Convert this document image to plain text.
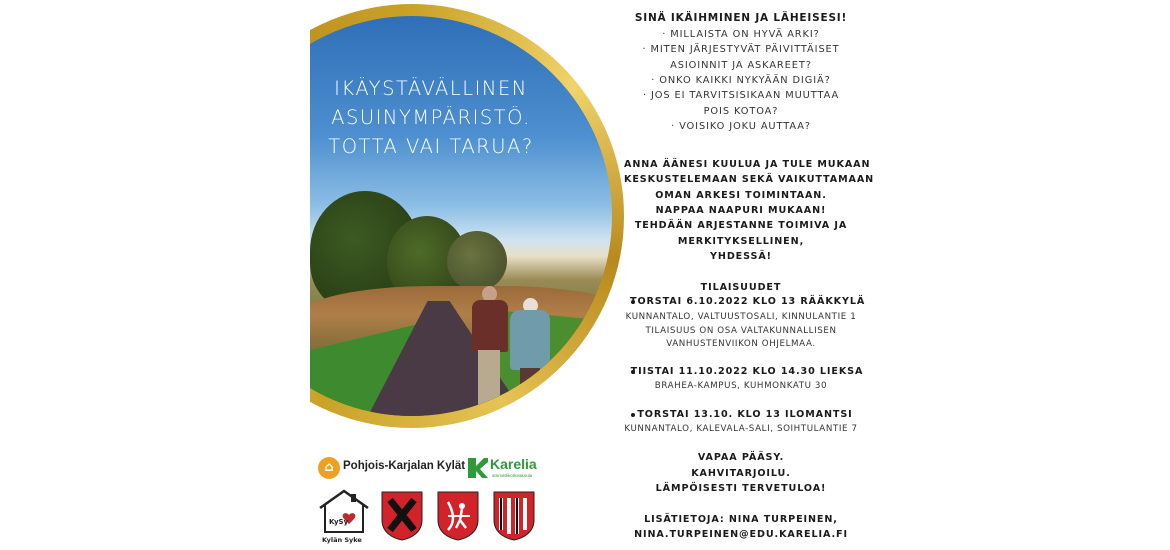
IKÄYSTÄVÄLLINEN
ASUINYMPÄRISTÖ.
TOTTA VAI TARUA?
⌂ Pohjois-Karjalan Kylät Karelia
ammattikorkeakoulu
KySy
Kylän Syke
SINÄ IKÄIHMINEN JA LÄHEISESI!
· MILLAISTA ON HYVÄ ARKI?
· MITEN JÄRJESTYVÄT PÄIVITTÄISET
ASIOINNIT JA ASKAREET?
· ONKO KAIKKI NYKYÄÄN DIGIÄ?
· JOS EI TARVITSISIKAAN MUUTTAA
POIS KOTOA?
· VOISIKO JOKU AUTTAA?
ANNA ÄÄNESI KUULUA JA TULE MUKAAN
KESKUSTELEMAAN SEKÄ VAIKUTTAMAAN
OMAN ARKESI TOIMINTAAN.
NAPPAA NAAPURI MUKAAN!
TEHDÄÄN ARJESTANNE TOIMIVA JA
MERKITYKSELLINEN,
YHDESSÄ!
TILAISUUDET
TORSTAI 6.10.2022 KLO 13 RÄÄKKYLÄ
KUNNANTALO, VALTUUSTOSALI, KINNULANTIE 1
TILAISUUS ON OSA VALTAKUNNALLISEN
VANHUSTENVIIKON OHJELMAA.
TIISTAI 11.10.2022 KLO 14.30 LIEKSA
BRAHEA-KAMPUS, KUHMONKATU 30
TORSTAI 13.10. KLO 13 ILOMANTSI
KUNNANTALO, KALEVALA-SALI, SOIHTULANTIE 7
VAPAA PÄÄSY.
KAHVITARJOILU.
LÄMPÖISESTI TERVETULOA!
LISÄTIETOJA: NINA TURPEINEN,
NINA.TURPEINEN@EDU.KARELIA.FI
